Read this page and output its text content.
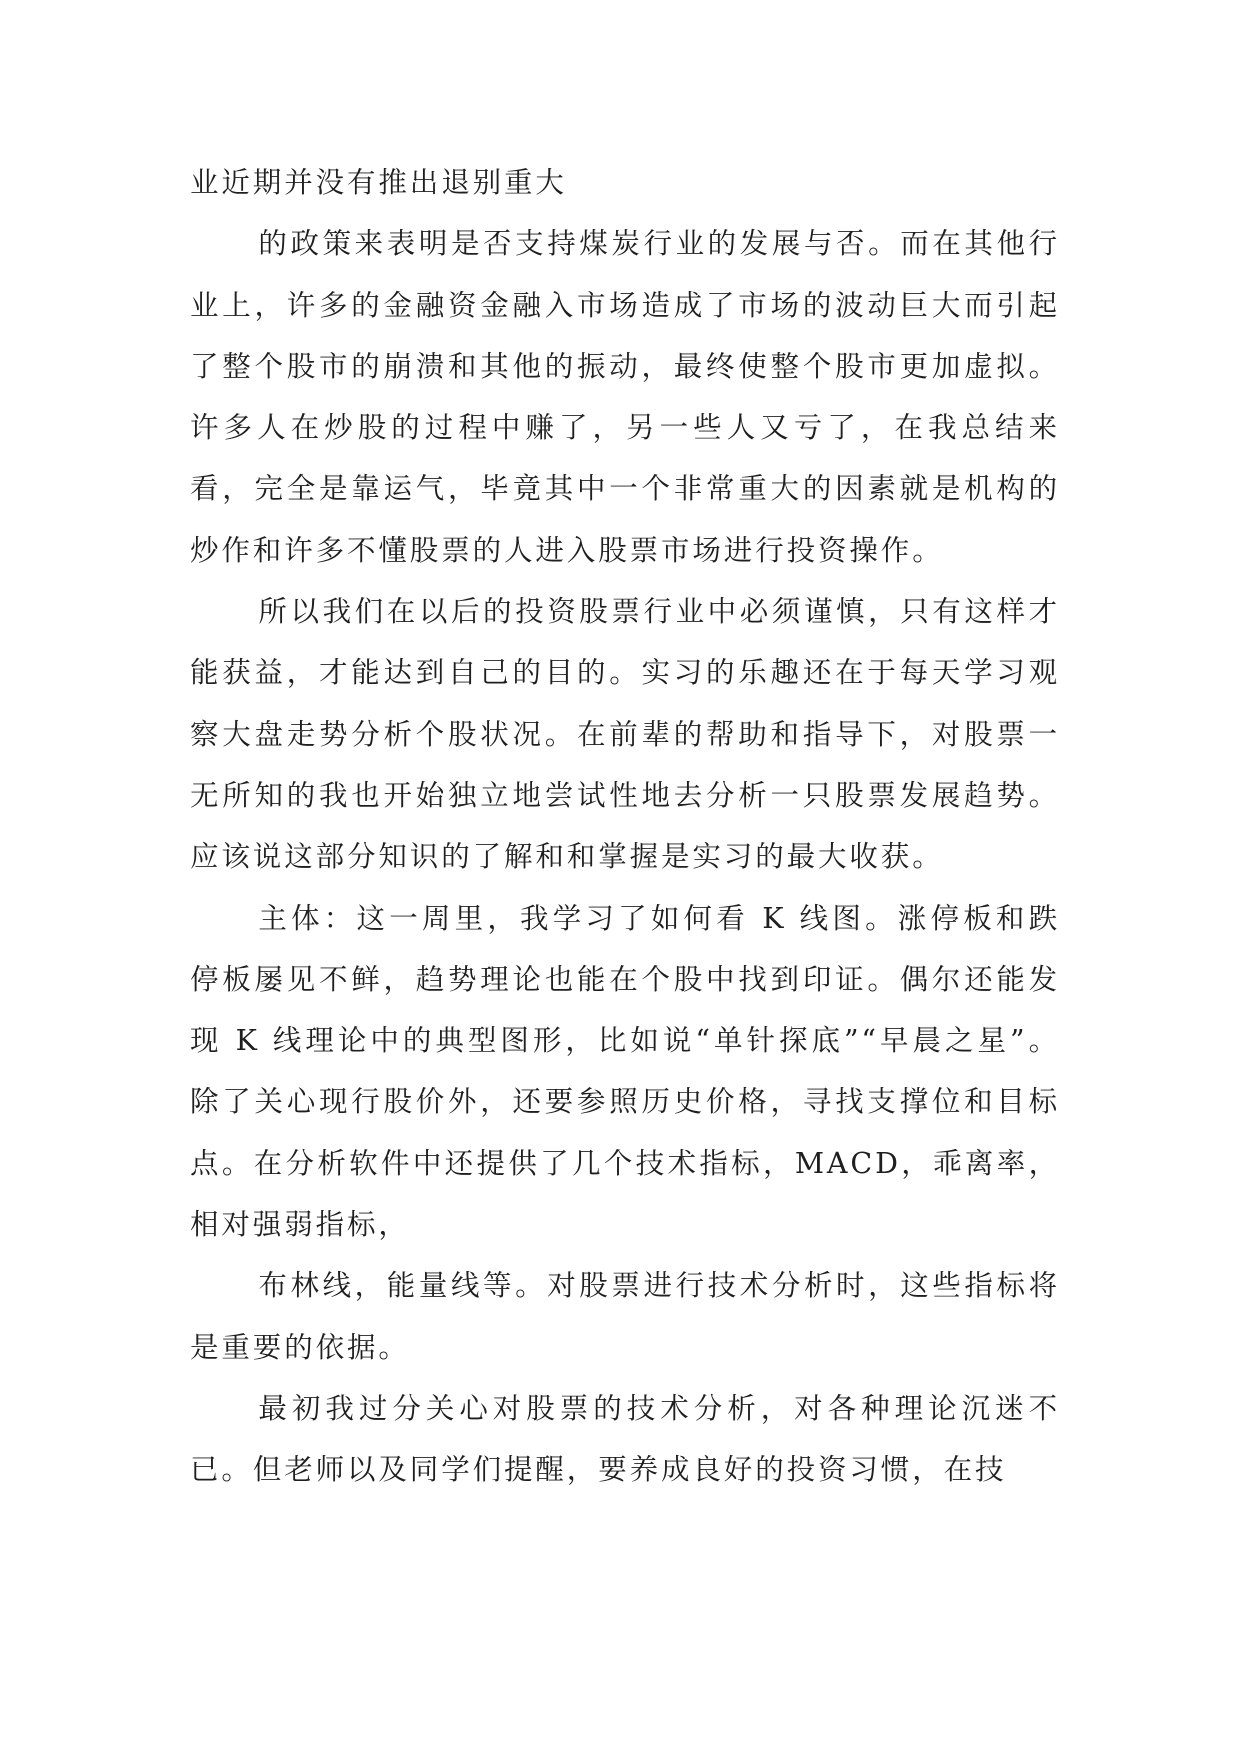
业近期并没有推出退别重大

的政策来表明是否支持煤炭行业的发展与否。而在其他行业上，许多的金融资金融入市场造成了市场的波动巨大而引起了整个股市的崩溃和其他的振动，最终使整个股市更加虚拟。许多人在炒股的过程中赚了，另一些人又亏了，在我总结来看，完全是靠运气，毕竟其中一个非常重大的因素就是机构的炒作和许多不懂股票的人进入股票市场进行投资操作。

所以我们在以后的投资股票行业中必须谨慎，只有这样才能获益，才能达到自己的目的。实习的乐趣还在于每天学习观察大盘走势分析个股状况。在前辈的帮助和指导下，对股票一无所知的我也开始独立地尝试性地去分析一只股票发展趋势。应该说这部分知识的了解和和掌握是实习的最大收获。

主体：这一周里，我学习了如何看 K 线图。涨停板和跌停板屡见不鲜，趋势理论也能在个股中找到印证。偶尔还能发现 K 线理论中的典型图形，比如说“单针探底”“早晨之星”。除了关心现行股价外，还要参照历史价格，寻找支撑位和目标点。在分析软件中还提供了几个技术指标，MACD，乖离率，相对强弱指标，

布林线，能量线等。对股票进行技术分析时，这些指标将是重要的依据。

最初我过分关心对股票的技术分析，对各种理论沉迷不已。但老师以及同学们提醒，要养成良好的投资习惯，在技
